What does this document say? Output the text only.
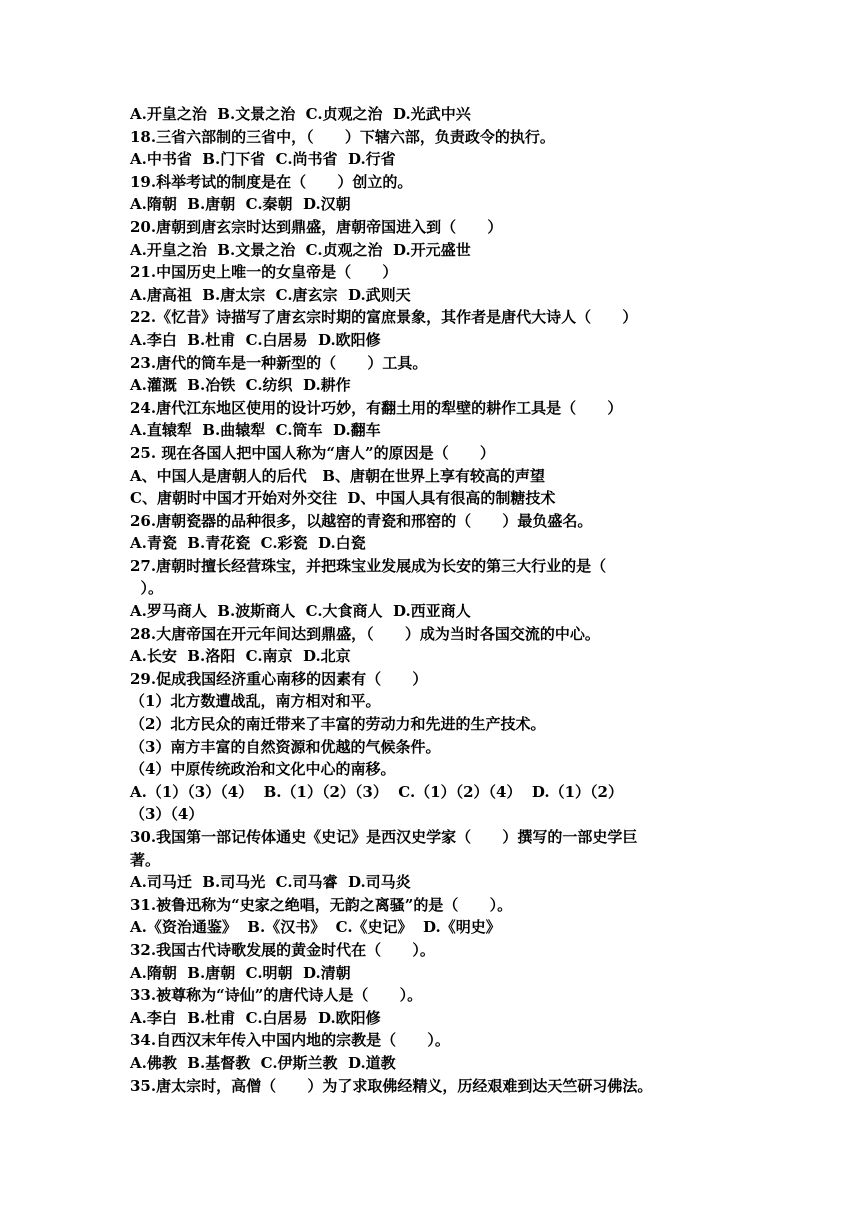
A.开皇之治  B.文景之治  C.贞观之治  D.光武中兴
18.三省六部制的三省中，（      ）下辖六部，负责政令的执行。
A.中书省  B.门下省  C.尚书省  D.行省
19.科举考试的制度是在（      ）创立的。
A.隋朝  B.唐朝  C.秦朝  D.汉朝
20.唐朝到唐玄宗时达到鼎盛，唐朝帝国进入到（      ）
A.开皇之治  B.文景之治  C.贞观之治  D.开元盛世
21.中国历史上唯一的女皇帝是（      ）
A.唐高祖  B.唐太宗  C.唐玄宗  D.武则天
22.《忆昔》诗描写了唐玄宗时期的富庶景象，其作者是唐代大诗人（      ）
A.李白  B.杜甫  C.白居易  D.欧阳修
23.唐代的筒车是一种新型的（      ）工具。
A.灌溉  B.冶铁  C.纺织  D.耕作
24.唐代江东地区使用的设计巧妙，有翻土用的犁壁的耕作工具是（      ）
A.直辕犁  B.曲辕犁  C.筒车  D.翻车
25. 现在各国人把中国人称为“唐人”的原因是（      ）
A、中国人是唐朝人的后代   B、唐朝在世界上享有较高的声望
C、唐朝时中国才开始对外交往  D、中国人具有很高的制糖技术
26.唐朝瓷器的品种很多，以越窑的青瓷和邢窑的（      ）最负盛名。
A.青瓷  B.青花瓷  C.彩瓷  D.白瓷
27.唐朝时擅长经营珠宝，并把珠宝业发展成为长安的第三大行业的是（
）。
A.罗马商人  B.波斯商人  C.大食商人  D.西亚商人
28.大唐帝国在开元年间达到鼎盛，（      ）成为当时各国交流的中心。
A.长安  B.洛阳  C.南京  D.北京
29.促成我国经济重心南移的因素有（      ）
（1）北方数遭战乱，南方相对和平。
（2）北方民众的南迁带来了丰富的劳动力和先进的生产技术。
（3）南方丰富的自然资源和优越的气候条件。
（4）中原传统政治和文化中心的南移。
A.（1）（3）（4）  B.（1）（2）（3）  C.（1）（2）（4）  D.（1）（2）
（3）（4）
30.我国第一部记传体通史《史记》是西汉史学家（      ）撰写的一部史学巨
著。
A.司马迁  B.司马光  C.司马睿  D.司马炎
31.被鲁迅称为“史家之绝唱，无韵之离骚”的是（      ）。
A.《资治通鉴》  B.《汉书》  C.《史记》  D.《明史》
32.我国古代诗歌发展的黄金时代在（      ）。
A.隋朝  B.唐朝  C.明朝  D.清朝
33.被尊称为“诗仙”的唐代诗人是（      ）。
A.李白  B.杜甫  C.白居易  D.欧阳修
34.自西汉末年传入中国内地的宗教是（      ）。
A.佛教  B.基督教  C.伊斯兰教  D.道教
35.唐太宗时，高僧（      ）为了求取佛经精义，历经艰难到达天竺研习佛法。
